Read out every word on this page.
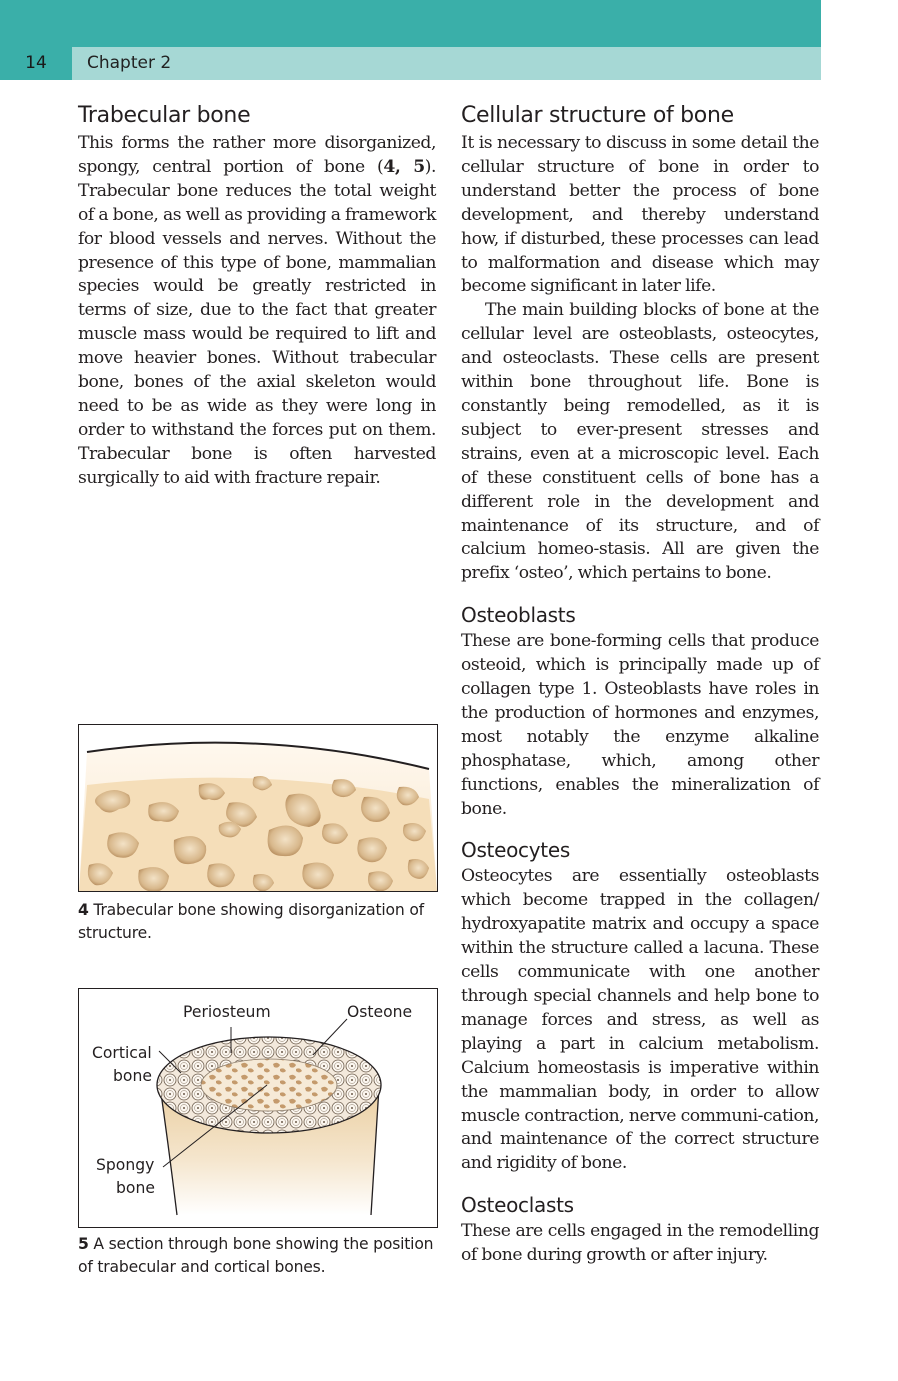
14	Chapter 2
Trabecular bone

This forms the rather more disorganized, spongy, central portion of bone (4, 5). Trabecular bone reduces the total weight of a bone, as well as providing a framework for blood vessels and nerves. Without the presence of this type of bone, mammalian species would be greatly restricted in terms of size, due to the fact that greater muscle mass would be required to lift and move heavier bones. Without trabecular bone, bones of the axial skeleton would need to be as wide as they were long in order to withstand the forces put on them. Trabecular bone is often harvested surgically to aid with fracture repair.

4 Trabecular bone showing disorganization of structure.
Periosteum	Osteone
Cortical
bone
Spongy
bone
5 A section through bone showing the position of trabecular and cortical bones.
Cellular structure of bone

It is necessary to discuss in some detail the cellular structure of bone in order to understand better the process of bone development, and thereby understand how, if disturbed, these processes can lead to malformation and disease which may become significant in later life.

The main building blocks of bone at the cellular level are osteoblasts, osteocytes, and osteoclasts. These cells are present within bone throughout life. Bone is constantly being remodelled, as it is subject to ever-present stresses and strains, even at a microscopic level. Each of these constituent cells of bone has a different role in the development and maintenance of its structure, and of calcium homeo-stasis. All are given the prefix ‘osteo’, which pertains to bone.

Osteoblasts

These are bone-forming cells that produce osteoid, which is principally made up of collagen type 1. Osteoblasts have roles in the production of hormones and enzymes, most notably the enzyme alkaline phosphatase, which, among other functions, enables the mineralization of bone.

Osteocytes

Osteocytes are essentially osteoblasts which become trapped in the collagen/ hydroxyapatite matrix and occupy a space within the structure called a lacuna. These cells communicate with one another through special channels and help bone to manage forces and stress, as well as playing a part in calcium metabolism. Calcium homeostasis is imperative within the mammalian body, in order to allow muscle contraction, nerve communi-cation, and maintenance of the correct structure and rigidity of bone.

Osteoclasts

These are cells engaged in the remodelling of bone during growth or after injury.
